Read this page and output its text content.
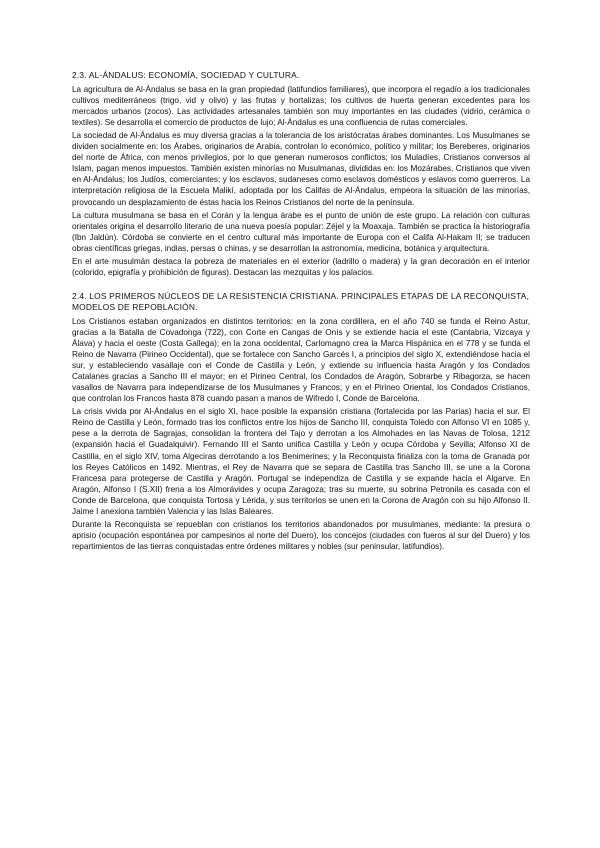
2.3. AL-ÁNDALUS: ECONOMÍA, SOCIEDAD Y CULTURA.

La agricultura de Al-Ándalus se basa en la gran propiedad (latifundios familiares), que incorpora el regadío a los tradicionales cultivos mediterráneos (trigo, vid y olivo) y las frutas y hortalizas; los cultivos de huerta generan excedentes para los mercados urbanos (zocos). Las actividades artesanales también son muy importantes en las ciudades (vidrio, cerámica o textiles). Se desarrolla el comercio de productos de lujo; Al-Ándalus es una confluencia de rutas comerciales.

La sociedad de Al-Ándalus es muy diversa gracias a la tolerancia de los aristócratas árabes dominantes. Los Musulmanes se dividen socialmente en: los Árabes, originarios de Arabia, controlan lo económico, político y militar; los Bereberes, originarios del norte de África, con menos privilegios, por lo que generan numerosos conflictos; los Muladíes, Cristianos conversos al Islam, pagan menos impuestos. También existen minorías no Musulmanas, divididas en: los Mozárabes, Cristianos que viven en Al-Ándalus; los Judíos, comerciantes; y los esclavos, sudaneses como esclavos domésticos y eslavos como guerreros. La interpretación religiosa de la Escuela Malikí, adoptada por los Califas de Al-Ándalus, empeora la situación de las minorías, provocando un desplazamiento de éstas hacia los Reinos Cristianos del norte de la península.

La cultura musulmana se basa en el Corán y la lengua árabe es el punto de unión de este grupo. La relación con culturas orientales origina el desarrollo literario de una nueva poesía popular: Zéjel y la Moaxaja. También se practica la historiografía (Ibn Jaldún). Córdoba se convierte en el centro cultural más importante de Europa con el Califa Al-Hakam II; se traducen obras científicas griegas, indias, persas o chinas, y se desarrollan la astronomía, medicina, botánica y arquitectura.

En el arte musulmán destaca la pobreza de materiales en el exterior (ladrillo o madera) y la gran decoración en el interior (colorido, epigrafía y prohibición de figuras). Destacan las mezquitas y los palacios.

2.4. LOS PRIMEROS NÚCLEOS DE LA RESISTENCIA CRISTIANA. PRINCIPALES ETAPAS DE LA RECONQUISTA, MODELOS DE REPOBLACIÓN.

Los Cristianos estaban organizados en distintos territorios: en la zona cordillera, en el año 740 se funda el Reino Astur, gracias a la Batalla de Covadonga (722), con Corte en Cangas de Onís y se extiende hacia el este (Cantabria, Vizcaya y Álava) y hacia el oeste (Costa Gallega); en la zona occidental, Carlomagno crea la Marca Hispánica en el 778 y se funda el Reino de Navarra (Pirineo Occidental), que se fortalece con Sancho Garcés I, a principios del siglo X, extendiéndose hacia el sur, y estableciendo vasallaje con el Conde de Castilla y León, y extiende su influencia hasta Aragón y los Condados Catalanes gracias a Sancho III el mayor; en el Pirineo Central, los Condados de Aragón, Sobrarbe y Ribagorza, se hacen vasallos de Navarra para independizarse de los Musulmanes y Francos; y en el Pirineo Oriental, los Condados Cristianos, que controlan los Francos hasta 878 cuando pasan a manos de Wifredo I, Conde de Barcelona.

La crisis vivida por Al-Ándalus en el siglo XI, hace posible la expansión cristiana (fortalecida por las Parias) hacia el sur. El Reino de Castilla y León, formado tras los conflictos entre los hijos de Sancho III, conquista Toledo con Alfonso VI en 1085 y, pese a la derrota de Sagrajas, consolidan la frontera del Tajo y derrotan a los Almohades en las Navas de Tolosa, 1212 (expansión hacia el Guadalquivir). Fernando III el Santo unifica Castilla y León y ocupa Córdoba y Sevilla; Alfonso XI de Castilla, en el siglo XIV, toma Algeciras derrotando a los Benimerines; y la Reconquista finaliza con la toma de Granada por los Reyes Católicos en 1492. Mientras, el Rey de Navarra que se separa de Castilla tras Sancho III, se une a la Corona Francesa para protegerse de Castilla y Aragón. Portugal se independiza de Castilla y se expande hacia el Algarve. En Aragón, Alfonso I (S.XII) frena a los Almorávides y ocupa Zaragoza; tras su muerte, su sobrina Petronila es casada con el Conde de Barcelona, que conquista Tortosa y Lérida, y sus territorios se unen en la Corona de Aragón con su hijo Alfonso II. Jaime I anexiona también Valencia y las Islas Baleares.

Durante la Reconquista se repueblan con cristianos los territorios abandonados por musulmanes, mediante: la presura o aprisio (ocupación espontánea por campesinos al norte del Duero), los concejos (ciudades con fueros al sur del Duero) y los repartimientos de las tierras conquistadas entre órdenes militares y nobles (sur peninsular, latifundios).
